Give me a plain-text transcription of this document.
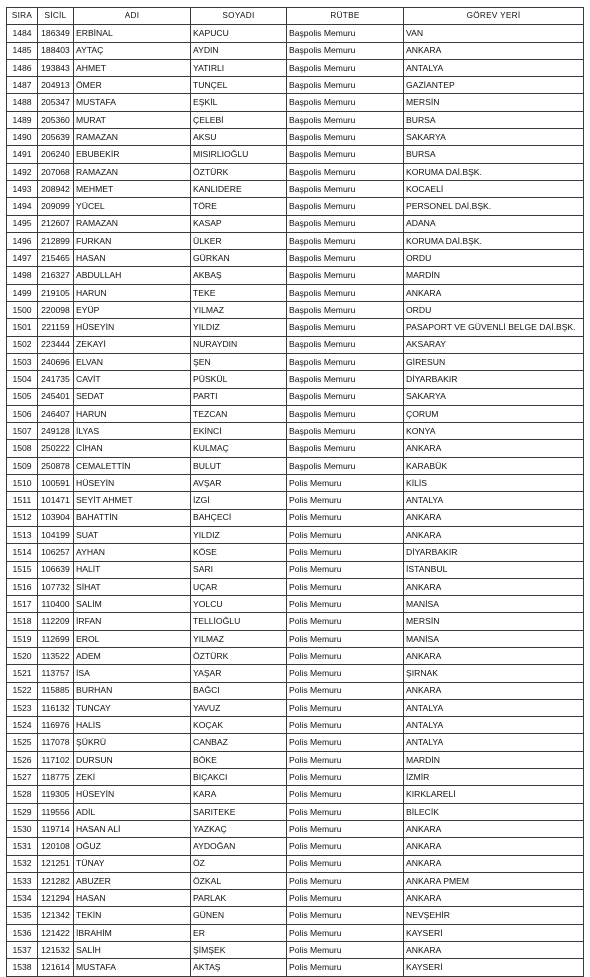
SIRA	SİCİL	ADI	SOYADI	RÜTBE	GÖREV YERİ
1484	186349	ERBİNAL	KAPUCU	Başpolis Memuru	VAN
1485	188403	AYTAÇ	AYDIN	Başpolis Memuru	ANKARA
1486	193843	AHMET	YATIRLI	Başpolis Memuru	ANTALYA
1487	204913	ÖMER	TUNÇEL	Başpolis Memuru	GAZİANTEP
1488	205347	MUSTAFA	EŞKİL	Başpolis Memuru	MERSİN
1489	205360	MURAT	ÇELEBİ	Başpolis Memuru	BURSA
1490	205639	RAMAZAN	AKSU	Başpolis Memuru	SAKARYA
1491	206240	EBUBEKİR	MISIRLIOĞLU	Başpolis Memuru	BURSA
1492	207068	RAMAZAN	ÖZTÜRK	Başpolis Memuru	KORUMA DAİ.BŞK.
1493	208942	MEHMET	KANLIDERE	Başpolis Memuru	KOCAELİ
1494	209099	YÜCEL	TÖRE	Başpolis Memuru	PERSONEL DAİ.BŞK.
1495	212607	RAMAZAN	KASAP	Başpolis Memuru	ADANA
1496	212899	FURKAN	ÜLKER	Başpolis Memuru	KORUMA DAİ.BŞK.
1497	215465	HASAN	GÜRKAN	Başpolis Memuru	ORDU
1498	216327	ABDULLAH	AKBAŞ	Başpolis Memuru	MARDİN
1499	219105	HARUN	TEKE	Başpolis Memuru	ANKARA
1500	220098	EYÜP	YILMAZ	Başpolis Memuru	ORDU
1501	221159	HÜSEYİN	YILDIZ	Başpolis Memuru	PASAPORT VE GÜVENLİ BELGE DAİ.BŞK.
1502	223444	ZEKAYİ	NURAYDIN	Başpolis Memuru	AKSARAY
1503	240696	ELVAN	ŞEN	Başpolis Memuru	GİRESUN
1504	241735	CAVİT	PÜSKÜL	Başpolis Memuru	DİYARBAKIR
1505	245401	SEDAT	PARTI	Başpolis Memuru	SAKARYA
1506	246407	HARUN	TEZCAN	Başpolis Memuru	ÇORUM
1507	249128	İLYAS	EKİNCİ	Başpolis Memuru	KONYA
1508	250222	CİHAN	KULMAÇ	Başpolis Memuru	ANKARA
1509	250878	CEMALETTİN	BULUT	Başpolis Memuru	KARABÜK
1510	100591	HÜSEYİN	AVŞAR	Polis Memuru	KİLİS
1511	101471	SEYİT AHMET	İZGİ	Polis Memuru	ANTALYA
1512	103904	BAHATTİN	BAHÇECİ	Polis Memuru	ANKARA
1513	104199	SUAT	YILDIZ	Polis Memuru	ANKARA
1514	106257	AYHAN	KÖSE	Polis Memuru	DİYARBAKIR
1515	106639	HALİT	SARI	Polis Memuru	İSTANBUL
1516	107732	SİHAT	UÇAR	Polis Memuru	ANKARA
1517	110400	SALİM	YOLCU	Polis Memuru	MANİSA
1518	112209	İRFAN	TELLİOĞLU	Polis Memuru	MERSİN
1519	112699	EROL	YILMAZ	Polis Memuru	MANİSA
1520	113522	ADEM	ÖZTÜRK	Polis Memuru	ANKARA
1521	113757	İSA	YAŞAR	Polis Memuru	ŞIRNAK
1522	115885	BURHAN	BAĞCI	Polis Memuru	ANKARA
1523	116132	TUNCAY	YAVUZ	Polis Memuru	ANTALYA
1524	116976	HALİS	KOÇAK	Polis Memuru	ANTALYA
1525	117078	ŞÜKRÜ	CANBAZ	Polis Memuru	ANTALYA
1526	117102	DURSUN	BÖKE	Polis Memuru	MARDİN
1527	118775	ZEKİ	BIÇAKCI	Polis Memuru	İZMİR
1528	119305	HÜSEYİN	KARA	Polis Memuru	KIRKLARELİ
1529	119556	ADİL	SARITEKE	Polis Memuru	BİLECİK
1530	119714	HASAN ALİ	YAZKAÇ	Polis Memuru	ANKARA
1531	120108	OĞUZ	AYDOĞAN	Polis Memuru	ANKARA
1532	121251	TÜNAY	ÖZ	Polis Memuru	ANKARA
1533	121282	ABUZER	ÖZKAL	Polis Memuru	ANKARA PMEM
1534	121294	HASAN	PARLAK	Polis Memuru	ANKARA
1535	121342	TEKİN	GÜNEN	Polis Memuru	NEVŞEHİR
1536	121422	İBRAHİM	ER	Polis Memuru	KAYSERİ
1537	121532	SALİH	ŞİMŞEK	Polis Memuru	ANKARA
1538	121614	MUSTAFA	AKTAŞ	Polis Memuru	KAYSERİ
